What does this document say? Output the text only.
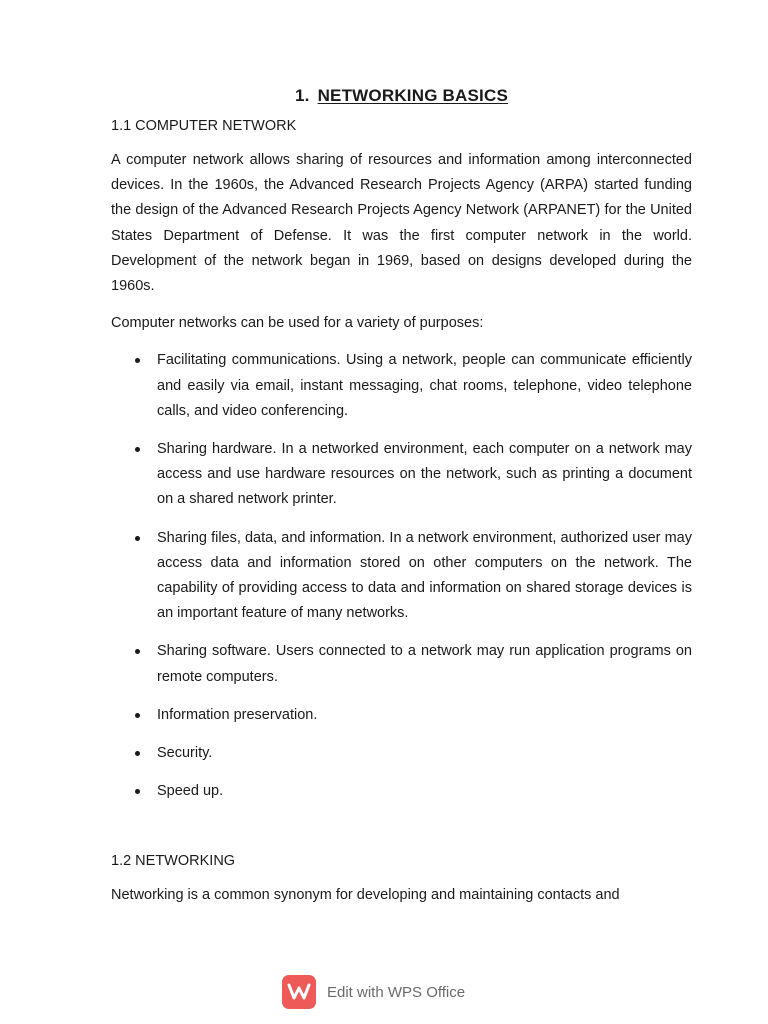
1. NETWORKING BASICS
1.1 COMPUTER NETWORK

A computer network allows sharing of resources and information among interconnected devices. In the 1960s, the Advanced Research Projects Agency (ARPA) started funding the design of the Advanced Research Projects Agency Network (ARPANET) for the United States Department of Defense. It was the first computer network in the world. Development of the network began in 1969, based on designs developed during the 1960s.

Computer networks can be used for a variety of purposes:

Facilitating communications. Using a network, people can communicate efficiently and easily via email, instant messaging, chat rooms, telephone, video telephone calls, and video conferencing.
Sharing hardware. In a networked environment, each computer on a network may access and use hardware resources on the network, such as printing a document on a shared network printer.
Sharing files, data, and information. In a network environment, authorized user may access data and information stored on other computers on the network. The capability of providing access to data and information on shared storage devices is an important feature of many networks.
Sharing software. Users connected to a network may run application programs on remote computers.
Information preservation.
Security.
Speed up.
1.2 NETWORKING

Networking is a common synonym for developing and maintaining contacts and

Edit with WPS Office
